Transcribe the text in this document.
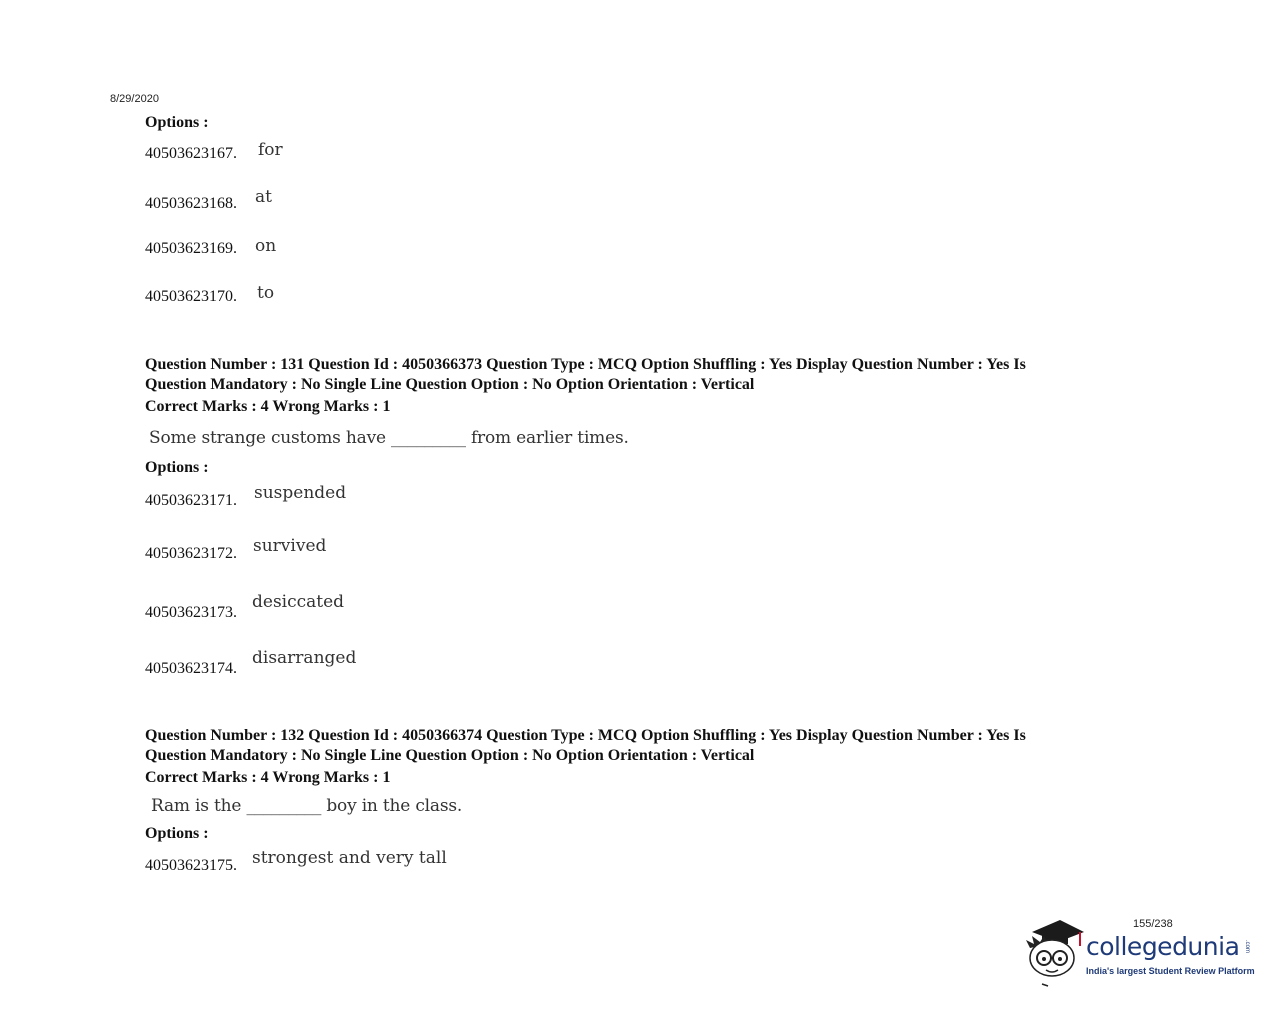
8/29/2020
Options :
40503623167. for
40503623168. at
40503623169. on
40503623170. to
Question Number : 131 Question Id : 4050366373 Question Type : MCQ Option Shuffling : Yes Display Question Number : Yes Is
Question Mandatory : No Single Line Question Option : No Option Orientation : Vertical
Correct Marks : 4 Wrong Marks : 1
Some strange customs have _________ from earlier times.
Options :
40503623171. suspended
40503623172. survived
40503623173.
desiccated
40503623174.
disarranged
Question Number : 132 Question Id : 4050366374 Question Type : MCQ Option Shuffling : Yes Display Question Number : Yes Is
Question Mandatory : No Single Line Question Option : No Option Orientation : Vertical
Correct Marks : 4 Wrong Marks : 1
Ram is the _________ boy in the class.
Options :
40503623175. strongest and very tall
155/238
collegedunia .com
India's largest Student Review Platform
